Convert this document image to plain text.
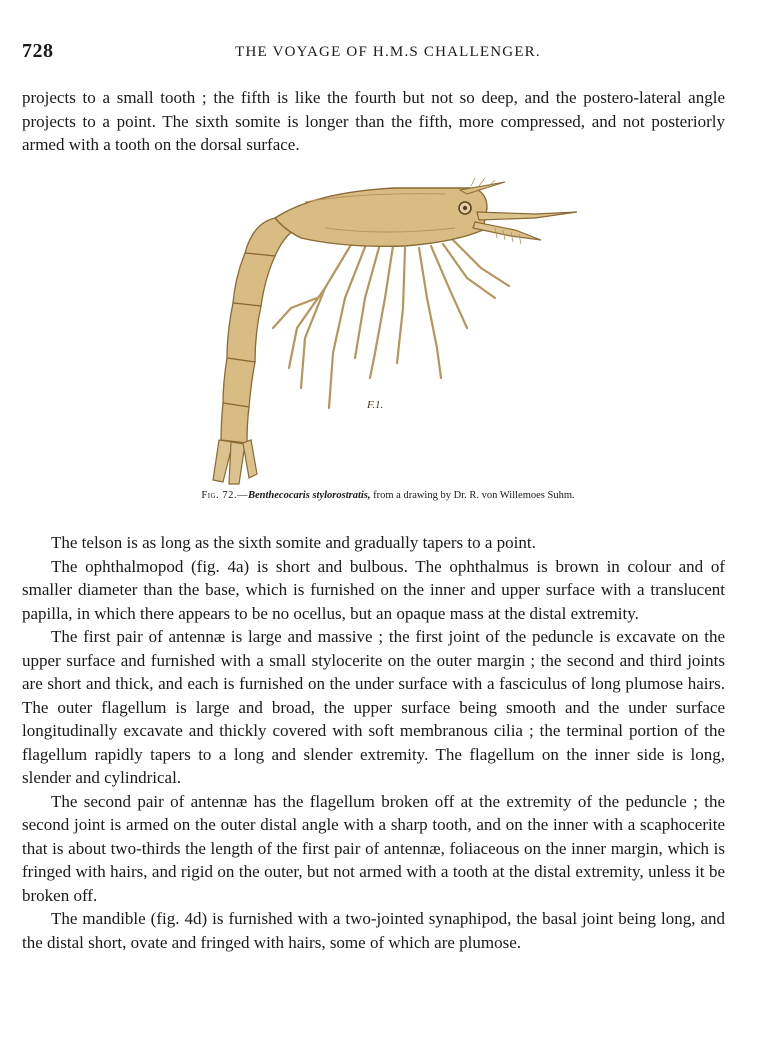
728	THE VOYAGE OF H.M.S CHALLENGER.

projects to a small tooth ; the fifth is like the fourth but not so deep, and the postero-lateral angle projects to a point. The sixth somite is longer than the fifth, more compressed, and not posteriorly armed with a tooth on the dorsal surface.

F.1.
Fig. 72.—Benthecocaris stylorostratis, from a drawing by Dr. R. von Willemoes Suhm.

The telson is as long as the sixth somite and gradually tapers to a point.

The ophthalmopod (fig. 4a) is short and bulbous. The ophthalmus is brown in colour and of smaller diameter than the base, which is furnished on the inner and upper surface with a translucent papilla, in which there appears to be no ocellus, but an opaque mass at the distal extremity.

The first pair of antennæ is large and massive ; the first joint of the peduncle is excavate on the upper surface and furnished with a small stylocerite on the outer margin ; the second and third joints are short and thick, and each is furnished on the under surface with a fasciculus of long plumose hairs. The outer flagellum is large and broad, the upper surface being smooth and the under surface longitudinally excavate and thickly covered with soft membranous cilia ; the terminal portion of the flagellum rapidly tapers to a long and slender extremity. The flagellum on the inner side is long, slender and cylindrical.

The second pair of antennæ has the flagellum broken off at the extremity of the peduncle ; the second joint is armed on the outer distal angle with a sharp tooth, and on the inner with a scaphocerite that is about two-thirds the length of the first pair of antennæ, foliaceous on the inner margin, which is fringed with hairs, and rigid on the outer, but not armed with a tooth at the distal extremity, unless it be broken off.

The mandible (fig. 4d) is furnished with a two-jointed synaphipod, the basal joint being long, and the distal short, ovate and fringed with hairs, some of which are plumose.
